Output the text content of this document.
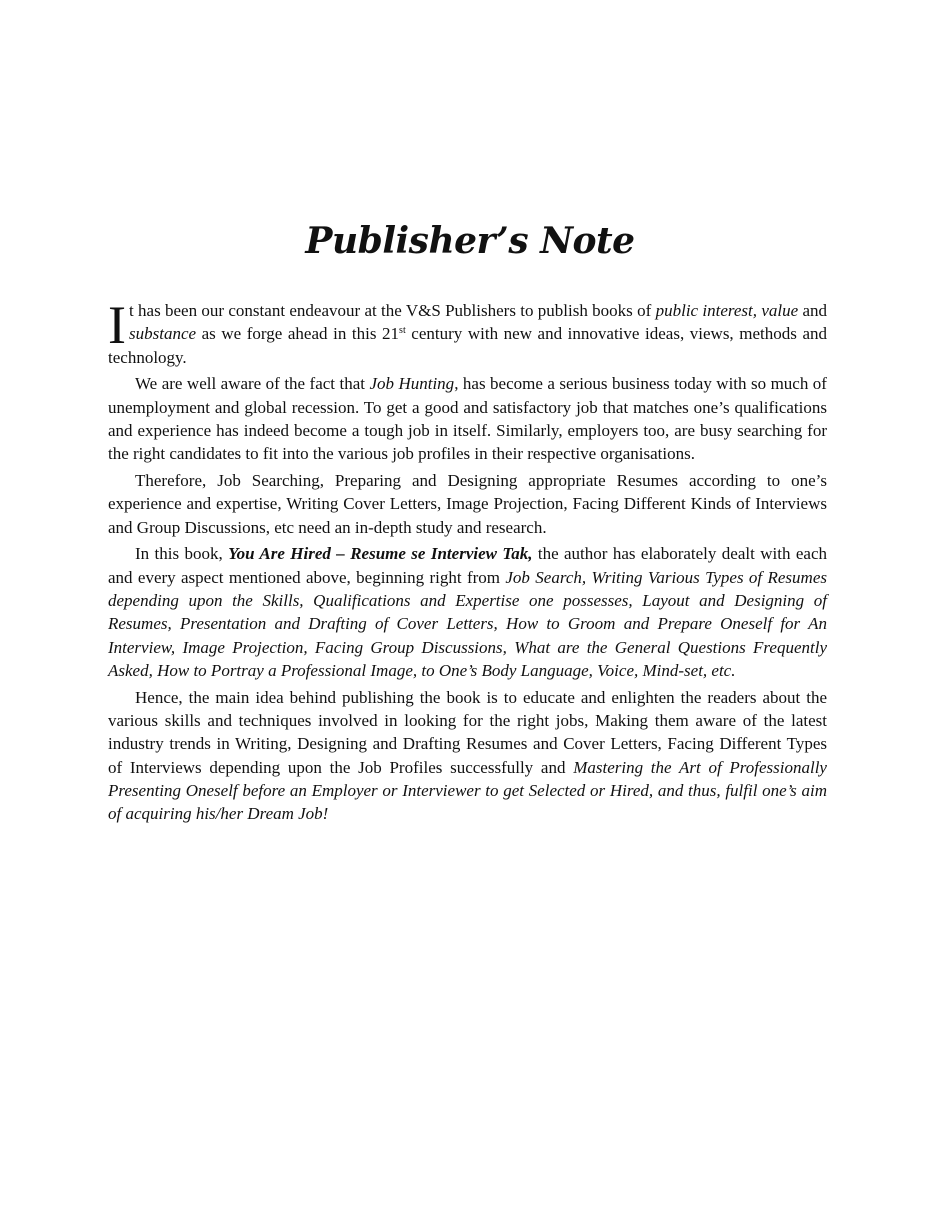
Publisher’s Note

It has been our constant endeavour at the V&S Publishers to publish books of public interest, value and substance as we forge ahead in this 21st century with new and innovative ideas, views, methods and technology.

We are well aware of the fact that Job Hunting, has become a serious business today with so much of unemployment and global recession. To get a good and satisfactory job that matches one’s qualifications and experience has indeed become a tough job in itself. Similarly, employers too, are busy searching for the right candidates to fit into the various job profiles in their respective organisations.

Therefore, Job Searching, Preparing and Designing appropriate Resumes according to one’s experience and expertise, Writing Cover Letters, Image Projection, Facing Different Kinds of Interviews and Group Discussions, etc need an in-depth study and research.

In this book, You Are Hired – Resume se Interview Tak, the author has elaborately dealt with each and every aspect mentioned above, beginning right from Job Search, Writing Various Types of Resumes depending upon the Skills, Qualifications and Expertise one possesses, Layout and Designing of Resumes, Presentation and Drafting of Cover Letters, How to Groom and Prepare Oneself for An Interview, Image Projection, Facing Group Discussions, What are the General Questions Frequently Asked, How to Portray a Professional Image, to One’s Body Language, Voice, Mind-set, etc.

Hence, the main idea behind publishing the book is to educate and enlighten the readers about the various skills and techniques involved in looking for the right jobs, Making them aware of the latest industry trends in Writing, Designing and Drafting Resumes and Cover Letters, Facing Different Types of Interviews depending upon the Job Profiles successfully and Mastering the Art of Professionally Presenting Oneself before an Employer or Interviewer to get Selected or Hired, and thus, fulfil one’s aim of acquiring his/her Dream Job!
